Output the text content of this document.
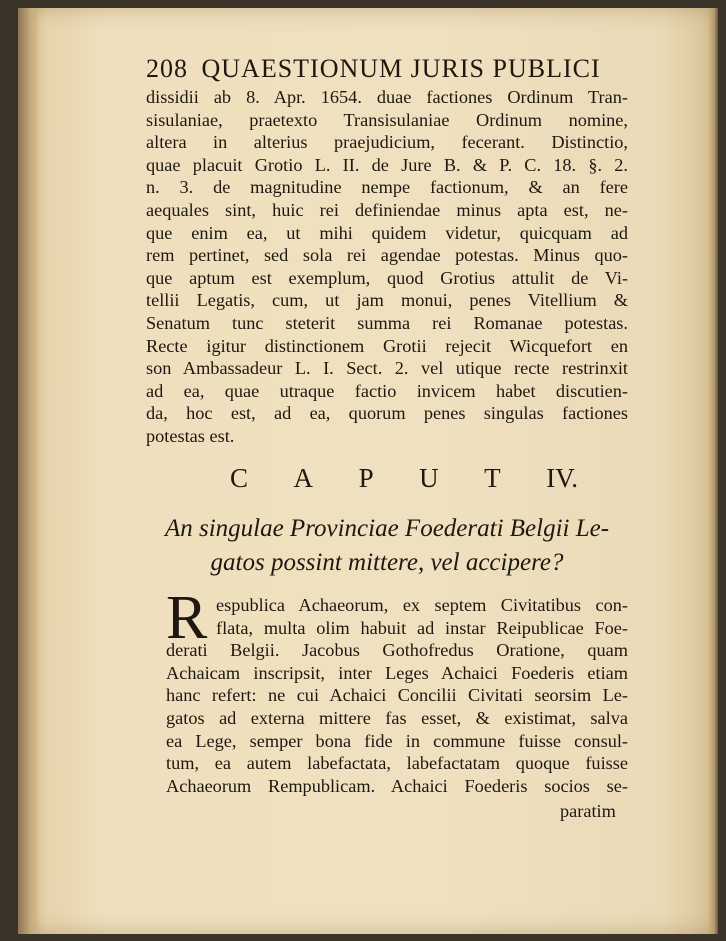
208 QUAESTIONUM JURIS PUBLICI
dissidii ab 8. Apr. 1654. duae factiones Ordinum Tran-
sisulaniae, praetexto Transisulaniae Ordinum nomine,
altera in alterius praejudicium, fecerant. Distinctio,
quae placuit Grotio L. II. de Jure B. & P. C. 18. §. 2.
n. 3. de magnitudine nempe factionum, & an fere
aequales sint, huic rei definiendae minus apta est, ne-
que enim ea, ut mihi quidem videtur, quicquam ad
rem pertinet, sed sola rei agendae potestas. Minus quo-
que aptum est exemplum, quod Grotius attulit de Vi-
tellii Legatis, cum, ut jam monui, penes Vitellium &
Senatum tunc steterit summa rei Romanae potestas.
Recte igitur distinctionem Grotii rejecit Wicquefort en
son Ambassadeur L. I. Sect. 2. vel utique recte restrinxit
ad ea, quae utraque factio invicem habet discutien-
da, hoc est, ad ea, quorum penes singulas factiones
potestas est.
C A P U T IV.
An singulae Provinciae Foederati Belgii Le-
gatos possint mittere, vel accipere?
R espublica Achaeorum, ex septem Civitatibus con-
flata, multa olim habuit ad instar Reipublicae Foe-
derati Belgii. Jacobus Gothofredus Oratione, quam
Achaicam inscripsit, inter Leges Achaici Foederis etiam
hanc refert: ne cui Achaici Concilii Civitati seorsim Le-
gatos ad externa mittere fas esset, & existimat, salva
ea Lege, semper bona fide in commune fuisse consul-
tum, ea autem labefactata, labefactatam quoque fuisse
Achaeorum Rempublicam. Achaici Foederis socios se-
paratim
